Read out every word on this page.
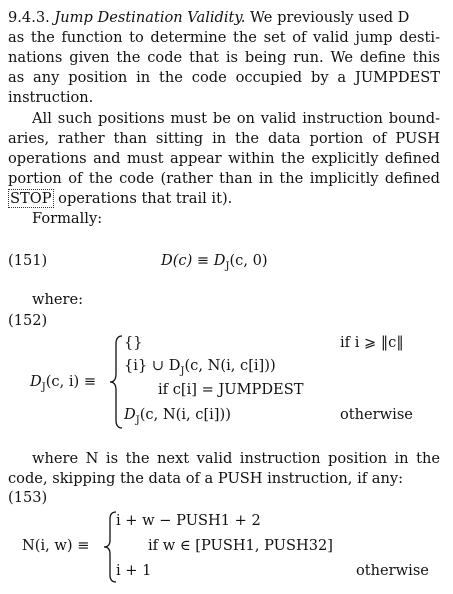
9.4.3. Jump Destination Validity. We previously used D
as the function to determine the set of valid jump desti-
nations given the code that is being run. We define this
as any position in the code occupied by a JUMPDEST
instruction.
All such positions must be on valid instruction bound-
aries, rather than sitting in the data portion of PUSH
operations and must appear within the explicitly defined
portion of the code (rather than in the implicitly defined
STOP operations that trail it).
Formally:
(151)	$D(c) \equiv D_J(c$, 0)
where:
(152)
$D_J(c$, i) ≡
{}	if i ⩾ ‖c‖
{i} ∪ $D_J(c$, N(i, c[i]))
if c[i] = JUMPDEST
$D_J(c$, N(i, c[i]))	otherwise
where N is the next valid instruction position in the
code, skipping the data of a PUSH instruction, if any:
(153)
N(i, w) ≡
i + w − PUSH1 + 2
if w ∈ [PUSH1, PUSH32]
i + 1	otherwise
